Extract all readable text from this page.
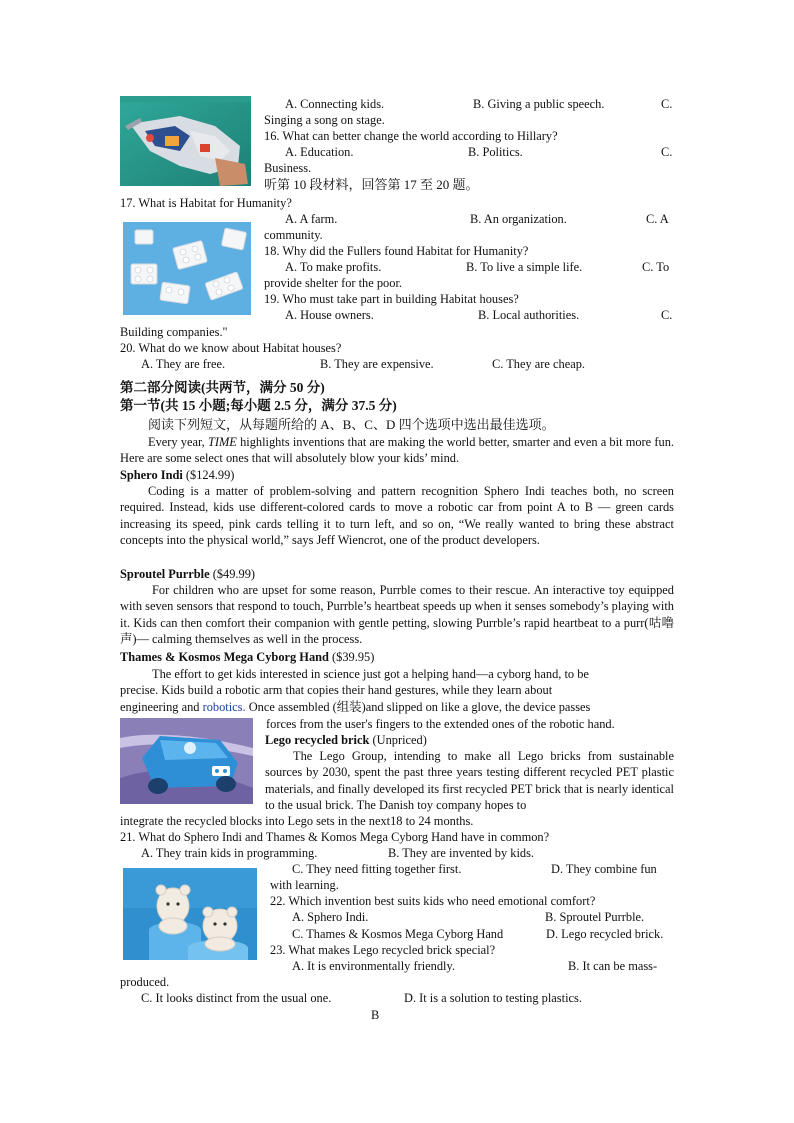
A. Connecting kids.	B. Giving a public speech.	C.
Singing a song on stage.
16. What can better change the world according to Hillary?
A. Education.	B. Politics.	C.
Business.
听第 10 段材料，回答第 17 至 20 题。
17. What is Habitat for Humanity?
A. A farm.	B. An organization.	C. A
community.
18. Why did the Fullers found Habitat for Humanity?
A. To make profits.	B. To live a simple life.	C. To
provide shelter for the poor.
19. Who must take part in building Habitat houses?
A. House owners.	B. Local authorities.	C.
Building companies."
20. What do we know about Habitat houses?
A. They are free.	B. They are expensive.	C. They are cheap.
第二部分阅读(共两节，满分 50 分)
第一节(共 15 小题;每小题 2.5 分，满分 37.5 分)
阅读下列短文，从每题所给的 A、B、C、D 四个选项中选出最佳选项。
Every year, TIME highlights inventions that are making the world better, smarter and even a bit more fun. Here are some select ones that will absolutely blow your kids’ mind.
Sphero Indi ($124.99)
Coding is a matter of problem-solving and pattern recognition Sphero Indi teaches both, no screen required. Instead, kids use different-colored cards to move a robotic car from point A to B — green cards increasing its speed, pink cards telling it to turn left, and so on, “We really wanted to bring these abstract concepts into the physical world,” says Jeff Wiencrot, one of the product developers.
Sproutel Purrble ($49.99)
For children who are upset for some reason, Purrble comes to their rescue. An interactive toy equipped with seven sensors that respond to touch, Purrble’s heartbeat speeds up when it senses somebody’s playing with it. Kids can then comfort their companion with gentle petting, slowing Purrble’s rapid heartbeat to a purr(咕噜声)— calming themselves as well in the process.
Thames & Kosmos Mega Cyborg Hand ($39.95)
The effort to get kids interested in science just got a helping hand—a cyborg hand, to be
precise. Kids build a robotic arm that copies their hand gestures, while they learn about
engineering and robotics. Once assembled (组装)and slipped on like a glove, the device passes
forces from the user's fingers to the extended ones of the robotic hand.
Lego recycled brick (Unpriced)
The Lego Group, intending to make all Lego bricks from sustainable sources by 2030, spent the past three years testing different recycled PET plastic materials, and finally developed its first recycled PET brick that is nearly identical to the usual brick. The Danish toy company hopes to
integrate the recycled blocks into Lego sets in the next18 to 24 months.
21. What do Sphero Indi and Thames & Komos Mega Cyborg Hand have in common?
A. They train kids in programming.	B. They are invented by kids.
C. They need fitting together first.	D. They combine fun
with learning.
22. Which invention best suits kids who need emotional comfort?
A. Sphero Indi.	B. Sproutel Purrble.
C. Thames & Kosmos Mega Cyborg Hand	D. Lego recycled brick.
23. What makes Lego recycled brick special?
A. It is environmentally friendly.	B. It can be mass-
produced.
C. It looks distinct from the usual one.	D. It is a solution to testing plastics.
B
